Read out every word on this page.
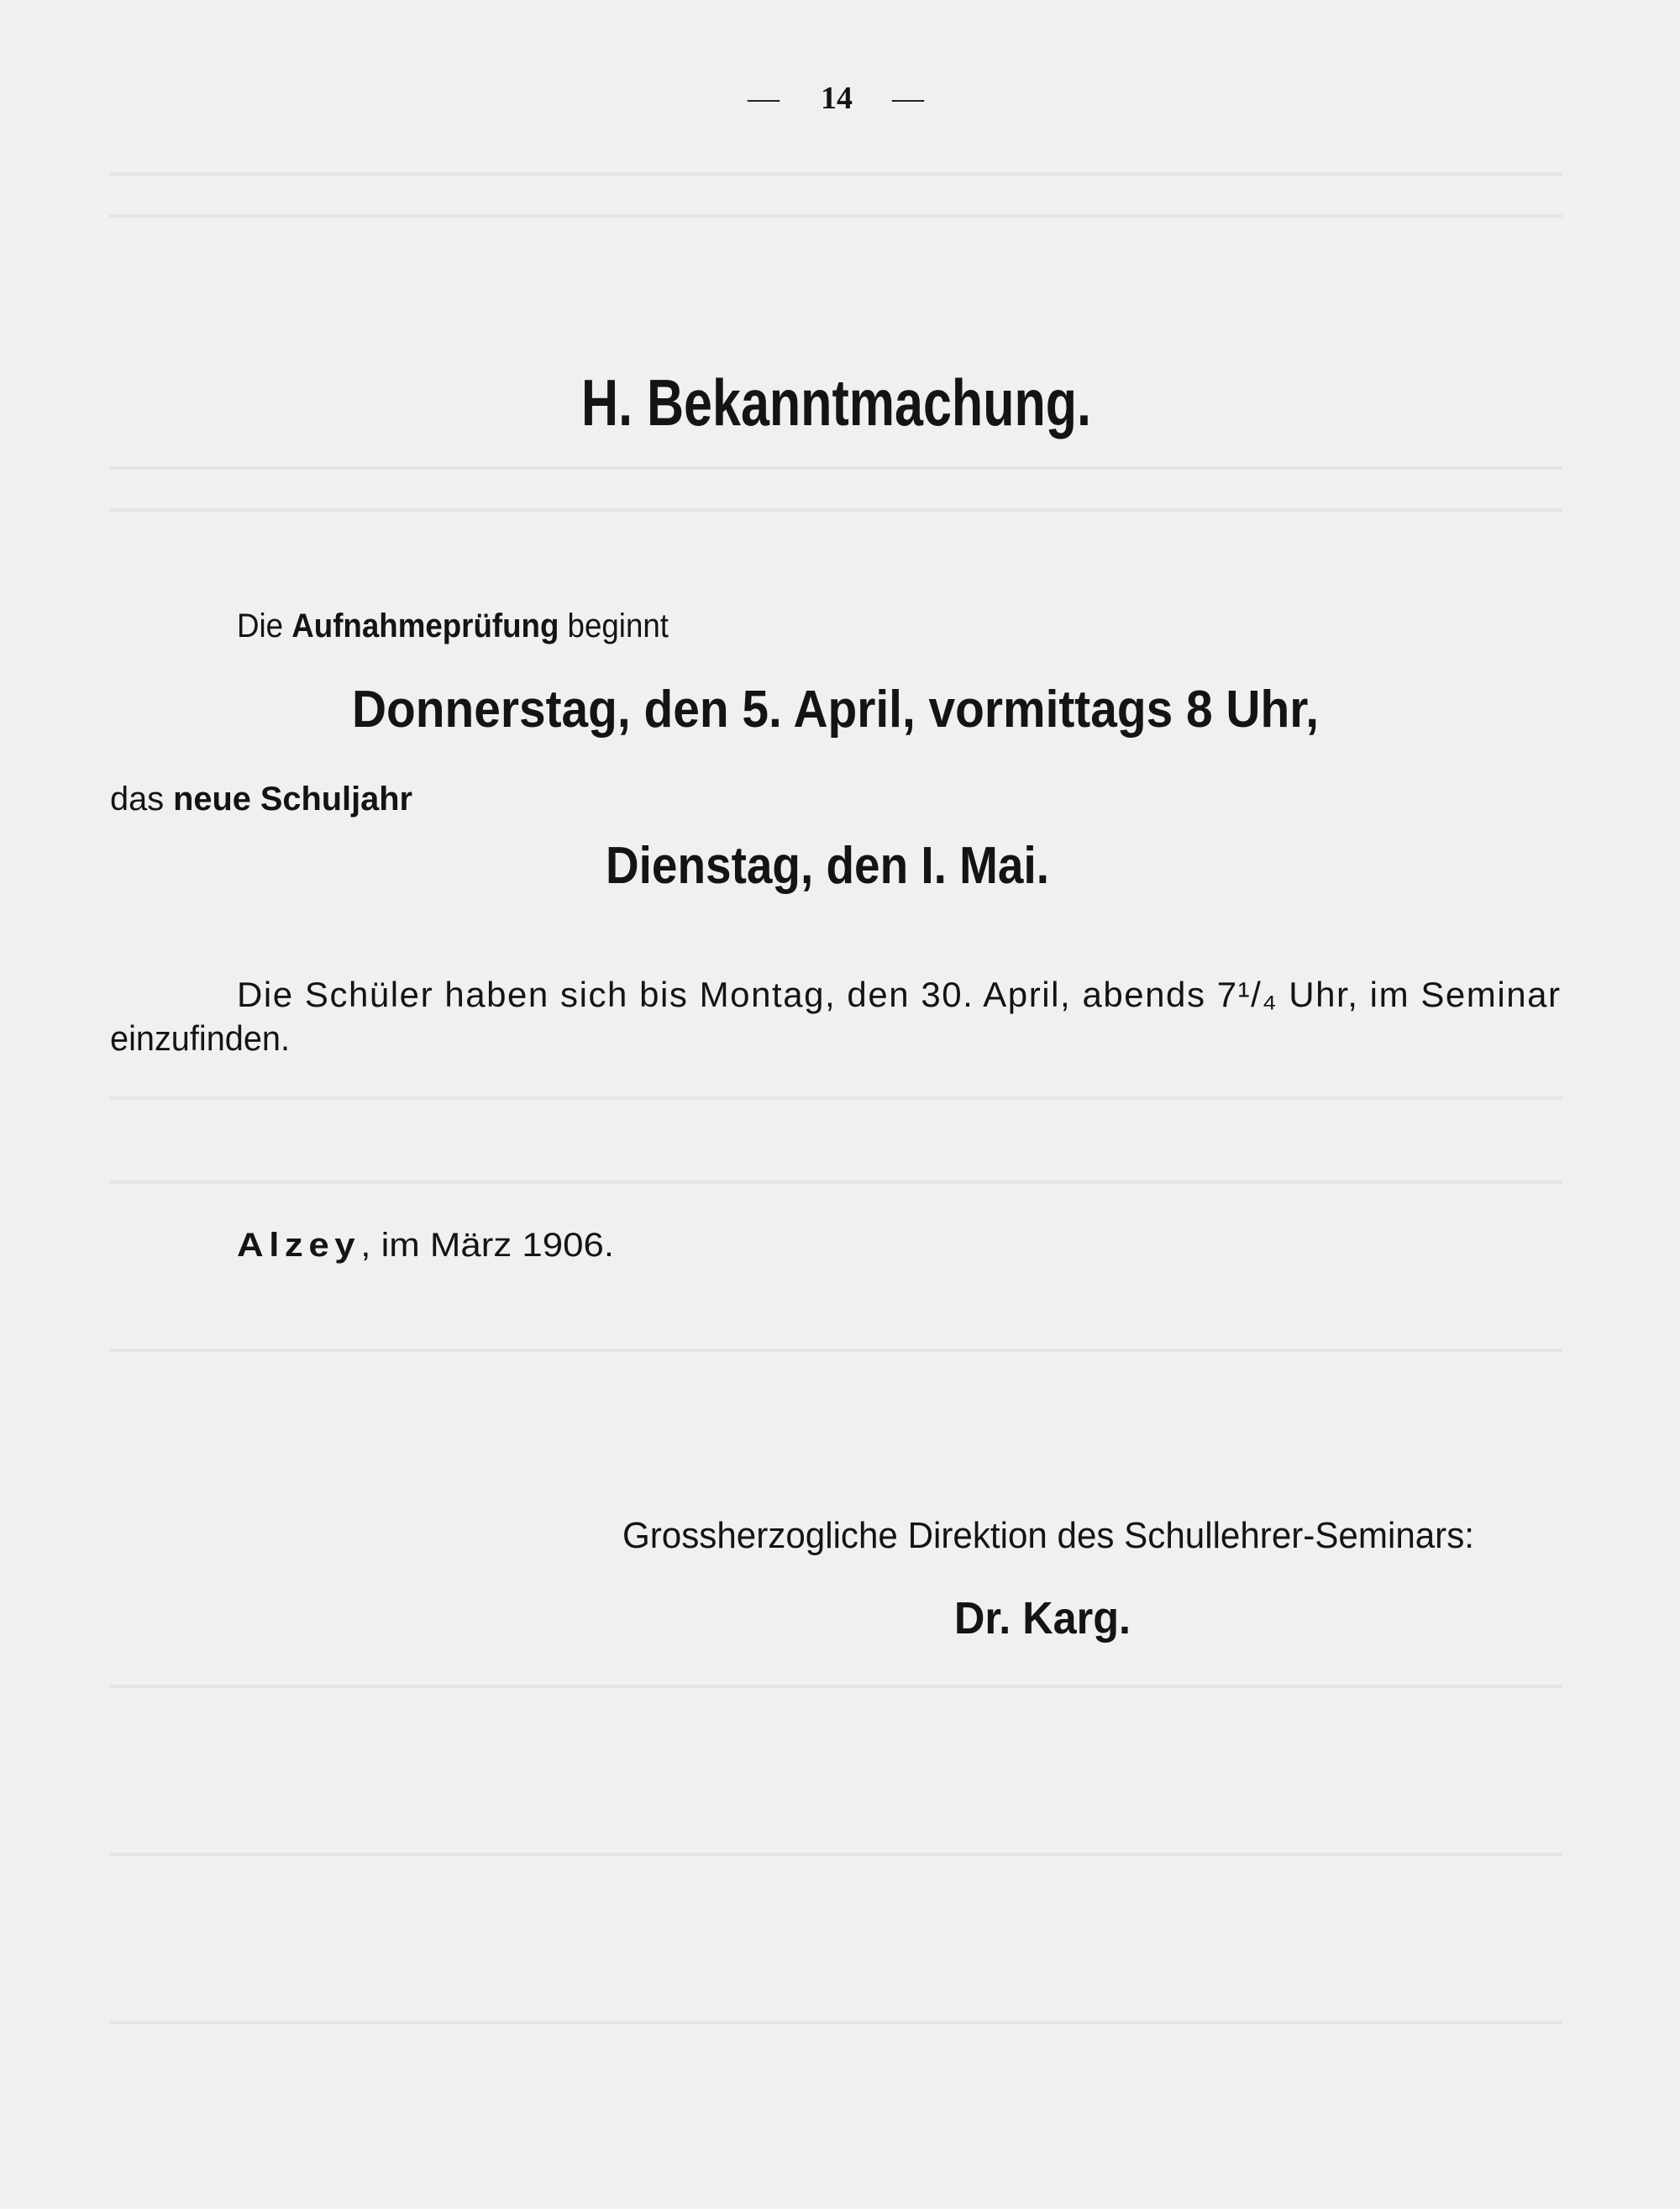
— 14 —
H. Bekanntmachung.
Die Aufnahmeprüfung beginnt
Donnerstag, den 5. April, vormittags 8 Uhr,
das neue Schuljahr
Dienstag, den I. Mai.
Die Schüler haben sich bis Montag, den 30. April, abends 7¹/₄ Uhr, im Seminar
einzufinden.
Alzey , im März 1906.
Grossherzogliche Direktion des Schullehrer-Seminars:
Dr. Karg.
